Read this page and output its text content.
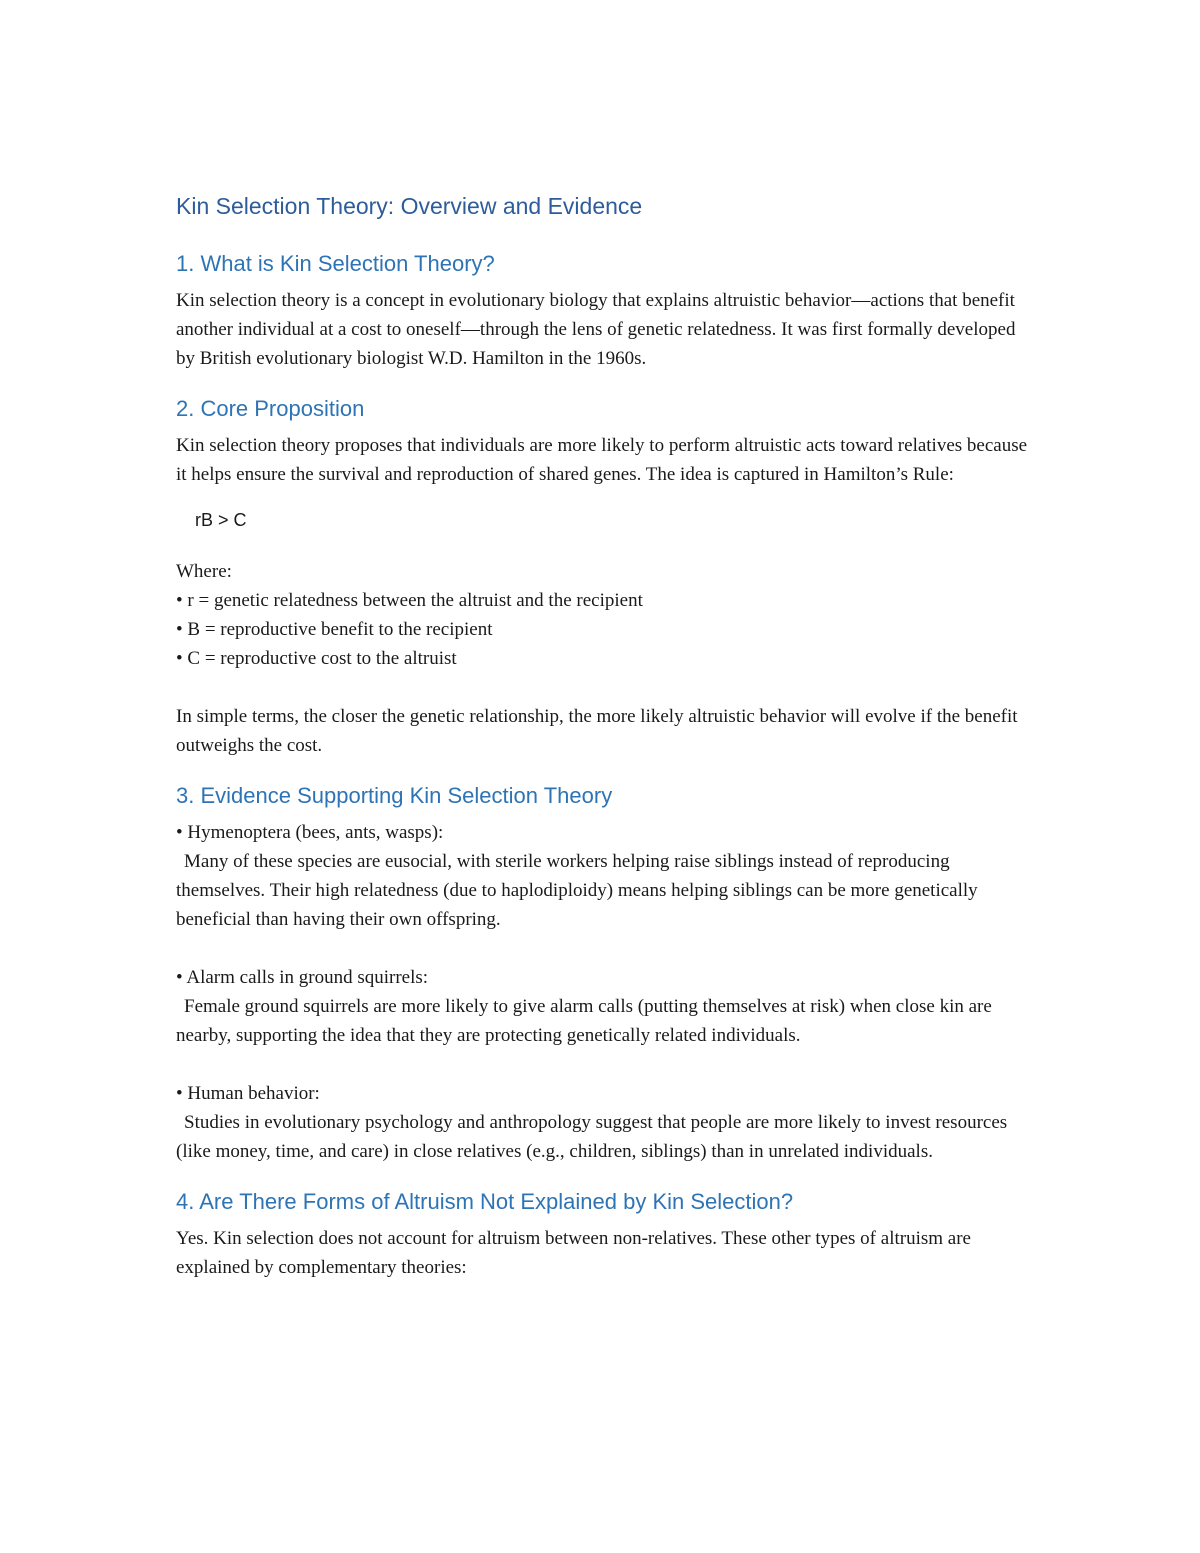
Kin Selection Theory: Overview and Evidence
1. What is Kin Selection Theory?

Kin selection theory is a concept in evolutionary biology that explains altruistic behavior—actions that benefit another individual at a cost to oneself—through the lens of genetic relatedness. It was first formally developed by British evolutionary biologist W.D. Hamilton in the 1960s.

2. Core Proposition

Kin selection theory proposes that individuals are more likely to perform altruistic acts toward relatives because it helps ensure the survival and reproduction of shared genes. The idea is captured in Hamilton’s Rule:

rB > C
Where:
• r = genetic relatedness between the altruist and the recipient
• B = reproductive benefit to the recipient
• C = reproductive cost to the altruist

In simple terms, the closer the genetic relationship, the more likely altruistic behavior will evolve if the benefit outweighs the cost.

3. Evidence Supporting Kin Selection Theory
• Hymenoptera (bees, ants, wasps):

Many of these species are eusocial, with sterile workers helping raise siblings instead of reproducing themselves. Their high relatedness (due to haplodiploidy) means helping siblings can be more genetically beneficial than having their own offspring.

• Alarm calls in ground squirrels:

Female ground squirrels are more likely to give alarm calls (putting themselves at risk) when close kin are nearby, supporting the idea that they are protecting genetically related individuals.

• Human behavior:

Studies in evolutionary psychology and anthropology suggest that people are more likely to invest resources (like money, time, and care) in close relatives (e.g., children, siblings) than in unrelated individuals.

4. Are There Forms of Altruism Not Explained by Kin Selection?

Yes. Kin selection does not account for altruism between non-relatives. These other types of altruism are explained by complementary theories:
